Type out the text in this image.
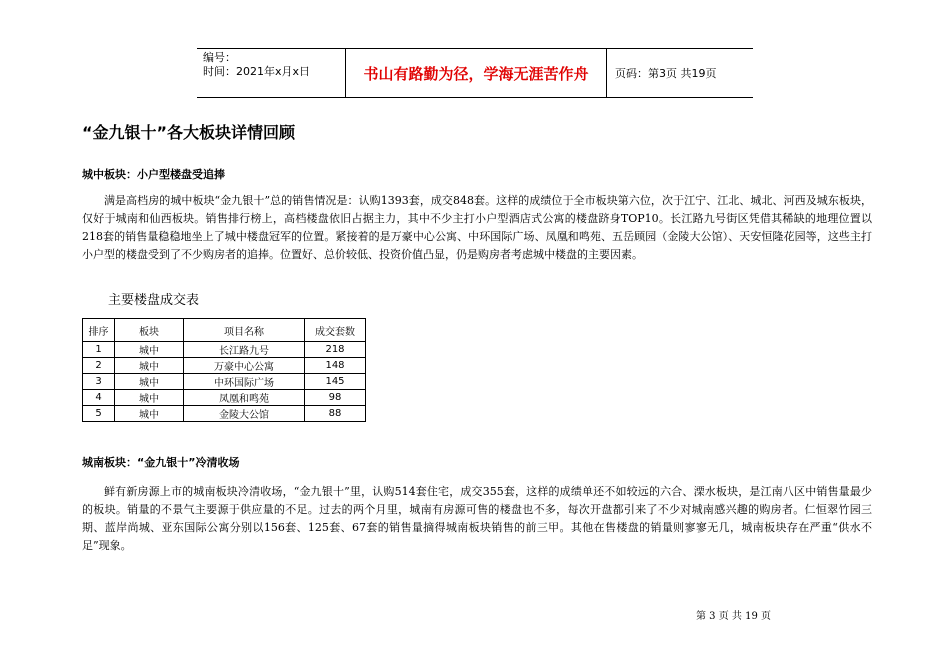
编号：
时间：2021年x月x日	书山有路勤为径，学海无涯苦作舟	页码：第3页 共19页
“金九银十”各大板块详情回顾
城中板块：小户型楼盘受追捧
满是高档房的城中板块“金九银十”总的销售情况是：认购1393套，成交848套。这样的成绩位于全市板块第六位，次于江宁、江北、城北、河西及城东板块，仅好于城南和仙西板块。销售排行榜上，高档楼盘依旧占据主力，其中不少主打小户型酒店式公寓的楼盘跻身TOP10。长江路九号街区凭借其稀缺的地理位置以218套的销售量稳稳地坐上了城中楼盘冠军的位置。紧接着的是万豪中心公寓、中环国际广场、凤凰和鸣苑、五岳顾园（金陵大公馆）、天安恒隆花园等，这些主打小户型的楼盘受到了不少购房者的追捧。位置好、总价较低、投资价值凸显，仍是购房者考虑城中楼盘的主要因素。
主要楼盘成交表
排序	板块	项目名称	成交套数
1	城中	长江路九号	218
2	城中	万豪中心公寓	148
3	城中	中环国际广场	145
4	城中	凤凰和鸣苑	98
5	城中	金陵大公馆	88
城南板块：“金九银十”冷清收场
鲜有新房源上市的城南板块冷清收场，“金九银十”里，认购514套住宅，成交355套，这样的成绩单还不如较远的六合、溧水板块，是江南八区中销售量最少的板块。销量的不景气主要源于供应量的不足。过去的两个月里，城南有房源可售的楼盘也不多，每次开盘都引来了不少对城南感兴趣的购房者。仁恒翠竹园三期、蓝岸尚城、亚东国际公寓分别以156套、125套、67套的销售量摘得城南板块销售的前三甲。其他在售楼盘的销量则寥寥无几，城南板块存在严重“供水不足”现象。
第 3 页 共 19 页
